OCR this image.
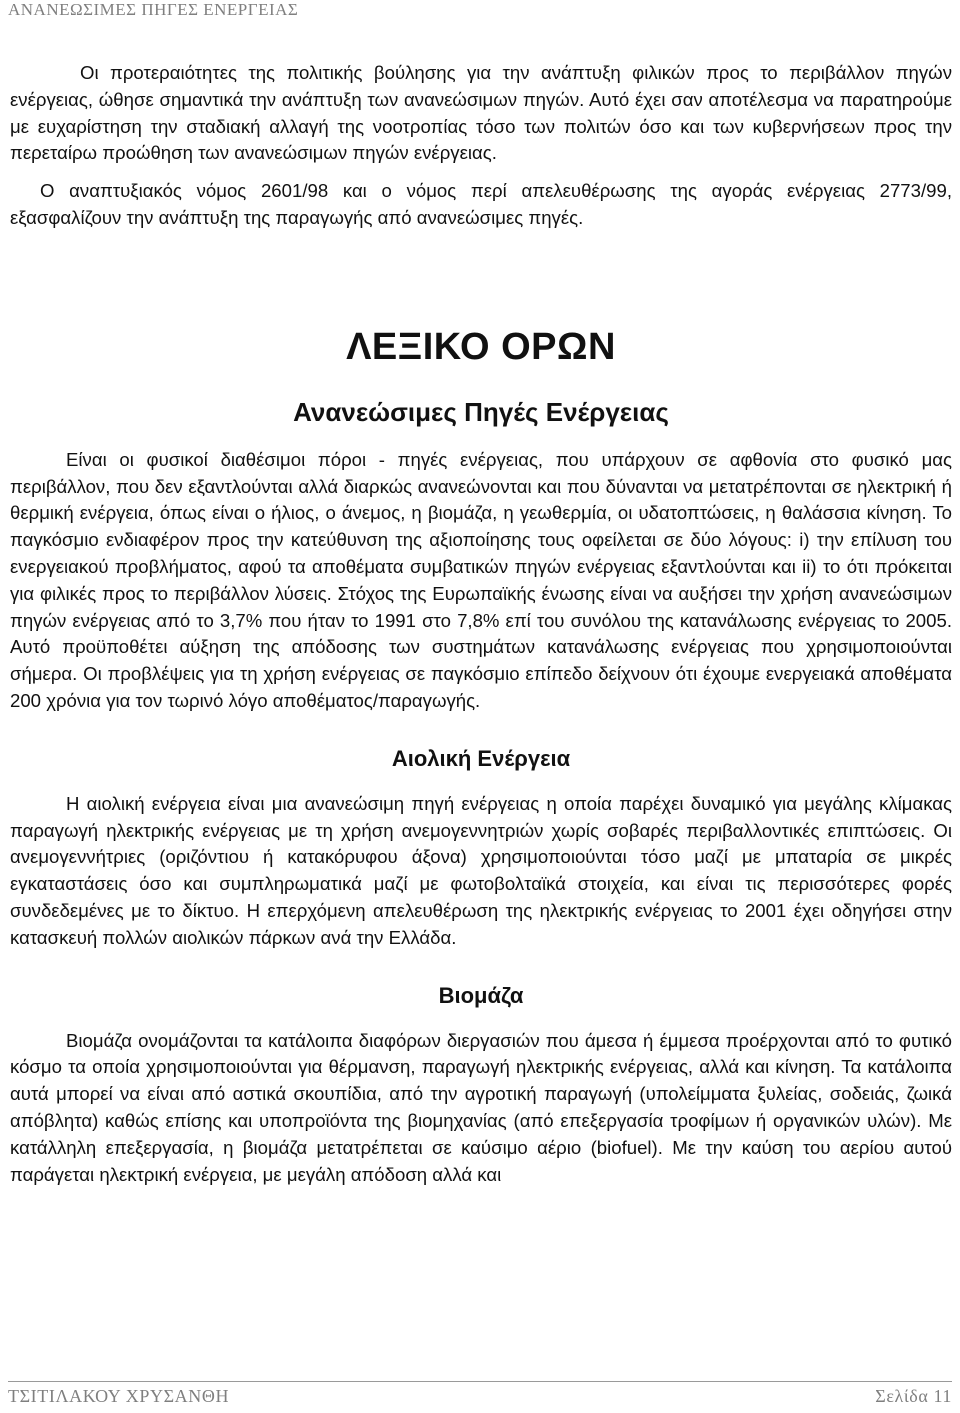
ΑΝΑΝΕΩΣΙΜΕΣ ΠΗΓΕΣ ΕΝΕΡΓΕΙΑΣ

Οι προτεραιότητες της πολιτικής βούλησης για την ανάπτυξη φιλικών προς το περιβάλλον πηγών ενέργειας, ώθησε σημαντικά την ανάπτυξη των ανανεώσιμων πηγών. Αυτό έχει σαν αποτέλεσμα να παρατηρούμε με ευχαρίστηση την σταδιακή αλλαγή της νοοτροπίας τόσο των πολιτών όσο και των κυβερνήσεων προς την περεταίρω προώθηση των ανανεώσιμων πηγών ενέργειας.

Ο αναπτυξιακός νόμος 2601/98 και ο νόμος περί απελευθέρωσης της αγοράς ενέργειας 2773/99, εξασφαλίζουν την ανάπτυξη της παραγωγής από ανανεώσιμες πηγές.

ΛΕΞΙΚΟ ΟΡΩΝ
Ανανεώσιμες Πηγές Ενέργειας

Είναι οι φυσικοί διαθέσιμοι πόροι - πηγές ενέργειας, που υπάρχουν σε αφθονία στο φυσικό μας περιβάλλον, που δεν εξαντλούνται αλλά διαρκώς ανανεώνονται και που δύνανται να μετατρέπονται σε ηλεκτρική ή θερμική ενέργεια, όπως είναι ο ήλιος, ο άνεμος, η βιομάζα, η γεωθερμία, οι υδατοπτώσεις, η θαλάσσια κίνηση. Το παγκόσμιο ενδιαφέρον προς την κατεύθυνση της αξιοποίησης τους οφείλεται σε δύο λόγους: i) την επίλυση του ενεργειακού προβλήματος, αφού τα αποθέματα συμβατικών πηγών ενέργειας εξαντλούνται και ii) το ότι πρόκειται για φιλικές προς το περιβάλλον λύσεις. Στόχος της Ευρωπαϊκής ένωσης είναι να αυξήσει την χρήση ανανεώσιμων πηγών ενέργειας από το 3,7% που ήταν το 1991 στο 7,8% επί του συνόλου της κατανάλωσης ενέργειας το 2005. Αυτό προϋποθέτει αύξηση της απόδοσης των συστημάτων κατανάλωσης ενέργειας που χρησιμοποιούνται σήμερα. Οι προβλέψεις για τη χρήση ενέργειας σε παγκόσμιο επίπεδο δείχνουν ότι έχουμε ενεργειακά αποθέματα 200 χρόνια για τον τωρινό λόγο αποθέματος/παραγωγής.

Αιολική Ενέργεια

Η αιολική ενέργεια είναι μια ανανεώσιμη πηγή ενέργειας η οποία παρέχει δυναμικό για μεγάλης κλίμακας παραγωγή ηλεκτρικής ενέργειας με τη χρήση ανεμογεννητριών χωρίς σοβαρές περιβαλλοντικές επιπτώσεις. Οι ανεμογεννήτριες (οριζόντιου ή κατακόρυφου άξονα) χρησιμοποιούνται τόσο μαζί με μπαταρία σε μικρές εγκαταστάσεις όσο και συμπληρωματικά μαζί με φωτοβολταϊκά στοιχεία, και είναι τις περισσότερες φορές συνδεδεμένες με το δίκτυο. Η επερχόμενη απελευθέρωση της ηλεκτρικής ενέργειας το 2001 έχει οδηγήσει στην κατασκευή πολλών αιολικών πάρκων ανά την Ελλάδα.

Βιομάζα

Βιομάζα ονομάζονται τα κατάλοιπα διαφόρων διεργασιών που άμεσα ή έμμεσα προέρχονται από το φυτικό κόσμο τα οποία χρησιμοποιούνται για θέρμανση, παραγωγή ηλεκτρικής ενέργειας, αλλά και κίνηση. Τα κατάλοιπα αυτά μπορεί να είναι από αστικά σκουπίδια, από την αγροτική παραγωγή (υπολείμματα ξυλείας, σοδειάς, ζωικά απόβλητα) καθώς επίσης και υποπροϊόντα της βιομηχανίας (από επεξεργασία τροφίμων ή οργανικών υλών). Με κατάλληλη επεξεργασία, η βιομάζα μετατρέπεται σε καύσιμο αέριο (biofuel). Με την καύση του αερίου αυτού παράγεται ηλεκτρική ενέργεια, με μεγάλη απόδοση αλλά και

ΤΣΙΤΙΛΑΚΟΥ ΧΡΥΣΑΝΘΗ	Σελίδα 11
